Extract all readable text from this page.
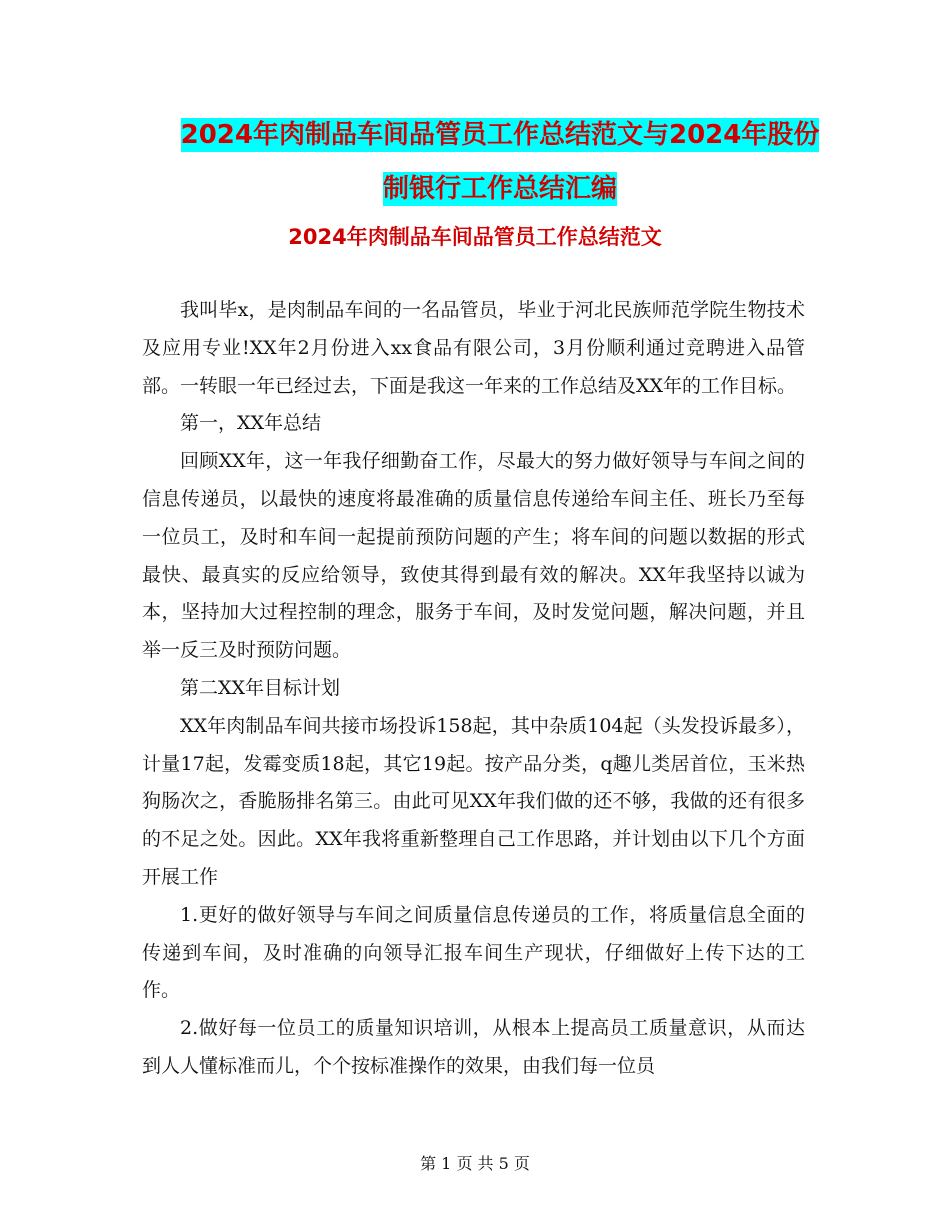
2024年肉制品车间品管员工作总结范文与2024年股份
制银行工作总结汇编
2024年肉制品车间品管员工作总结范文

我叫毕x，是肉制品车间的一名品管员，毕业于河北民族师范学院生物技术及应用专业!XX年2月份进入xx食品有限公司，3月份顺利通过竞聘进入品管部。一转眼一年已经过去，下面是我这一年来的工作总结及XX年的工作目标。

第一，XX年总结

回顾XX年，这一年我仔细勤奋工作，尽最大的努力做好领导与车间之间的信息传递员，以最快的速度将最准确的质量信息传递给车间主任、班长乃至每一位员工，及时和车间一起提前预防问题的产生；将车间的问题以数据的形式最快、最真实的反应给领导，致使其得到最有效的解决。XX年我坚持以诚为本，坚持加大过程控制的理念，服务于车间，及时发觉问题，解决问题，并且举一反三及时预防问题。

第二XX年目标计划

XX年肉制品车间共接市场投诉158起，其中杂质104起（头发投诉最多），计量17起，发霉变质18起，其它19起。按产品分类，q趣儿类居首位，玉米热狗肠次之，香脆肠排名第三。由此可见XX年我们做的还不够，我做的还有很多的不足之处。因此。XX年我将重新整理自己工作思路，并计划由以下几个方面开展工作

1.更好的做好领导与车间之间质量信息传递员的工作，将质量信息全面的传递到车间，及时准确的向领导汇报车间生产现状，仔细做好上传下达的工作。

2.做好每一位员工的质量知识培训，从根本上提高员工质量意识，从而达到人人懂标准而儿，个个按标准操作的效果，由我们每一位员

第 1 页 共 5 页
